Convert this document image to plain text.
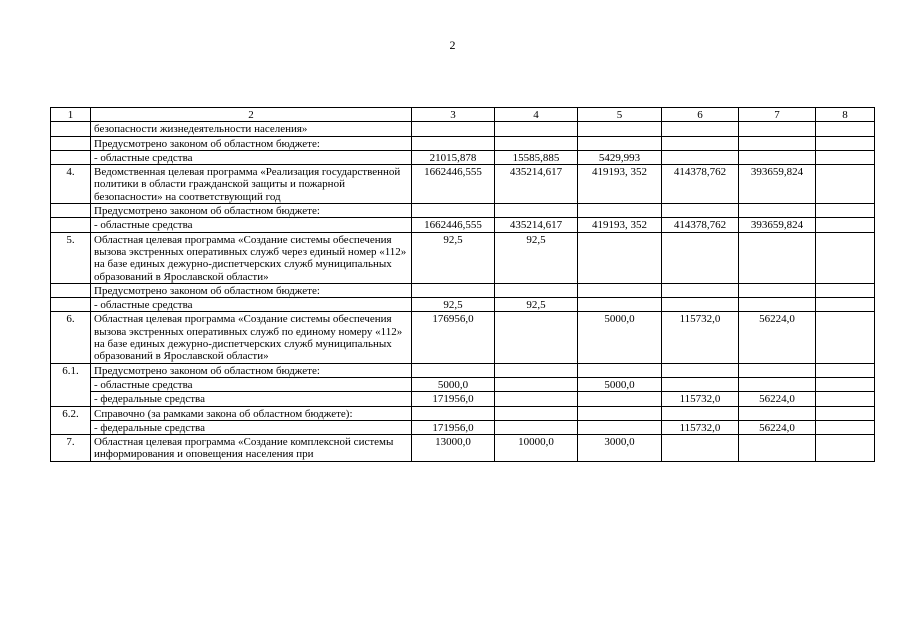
2
1	2	3	4	5	6	7	8
	безопасности жизнедеятельности населения»						
	Предусмотрено законом об областном бюджете:						
	- областные средства	21015,878	15585,885	5429,993			
4.	Ведомственная целевая программа «Реализация государственной политики в области гражданской защиты и пожарной безопасности» на соответствующий год	1662446,555	435214,617	419193, 352	414378,762	393659,824	
	Предусмотрено законом об областном бюджете:						
	- областные средства	1662446,555	435214,617	419193, 352	414378,762	393659,824	
5.	Областная целевая программа «Создание системы обеспечения вызова экстренных оперативных служб через единый номер «112» на базе единых дежурно-диспетчерских служб муниципальных образований в Ярославской области»	92,5	92,5				
	Предусмотрено законом об областном бюджете:						
	- областные средства	92,5	92,5				
6.	Областная целевая программа «Создание системы обеспечения вызова экстренных оперативных служб по единому номеру «112» на базе единых дежурно-диспетчерских служб муниципальных образований в Ярославской области»	176956,0		5000,0	115732,0	56224,0	
6.1.	Предусмотрено законом об областном бюджете:						
	- областные средства	5000,0		5000,0			
	- федеральные средства	171956,0			115732,0	56224,0	
6.2.	Справочно (за рамками закона об областном бюджете):						
	- федеральные средства	171956,0			115732,0	56224,0	
7.	Областная целевая программа «Создание комплексной системы информирования и оповещения населения при	13000,0	10000,0	3000,0			
